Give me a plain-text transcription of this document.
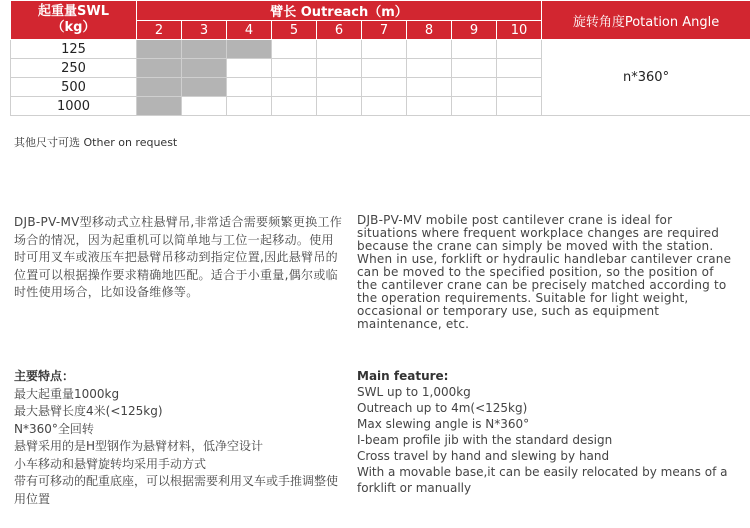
起重量SWL
（kg）	臂长 Outreach（m）									旋转角度Potation Angle
	2	3	4	5	6	7	8	9	10	
125										n*360°
250										
500										
1000										
其他尺寸可选 Other on request
DJB-PV-MV型移动式立柱悬臂吊,非常适合需要频繁更换工作场合的情况，因为起重机可以简单地与工位一起移动。使用时可用叉车或液压车把悬臂吊移动到指定位置,因此悬臂吊的位置可以根据操作要求精确地匹配。适合于小重量,偶尔或临时性使用场合，比如设备维修等。
DJB-PV-MV mobile post cantilever crane is ideal for situations where frequent workplace changes are required because the crane can simply be moved with the station. When in use, forklift or hydraulic handlebar cantilever crane can be moved to the specified position, so the position of the cantilever crane can be precisely matched according to the operation requirements. Suitable for light weight, occasional or temporary use, such as equipment maintenance, etc.
主要特点：
最大起重量1000kg
最大悬臂长度4米(<125kg)
N*360°全回转
悬臂采用的是H型钢作为悬臂材料，低净空设计
小车移动和悬臂旋转均采用手动方式
带有可移动的配重底座，可以根据需要利用叉车或手推调整使用位置
Main feature:
SWL up to 1,000kg
Outreach up to 4m(<125kg)
Max slewing angle is N*360°
I-beam profile jib with the standard design
Cross travel by hand and slewing by hand
With a movable base,it can be easily relocated by means of a forklift or manually
